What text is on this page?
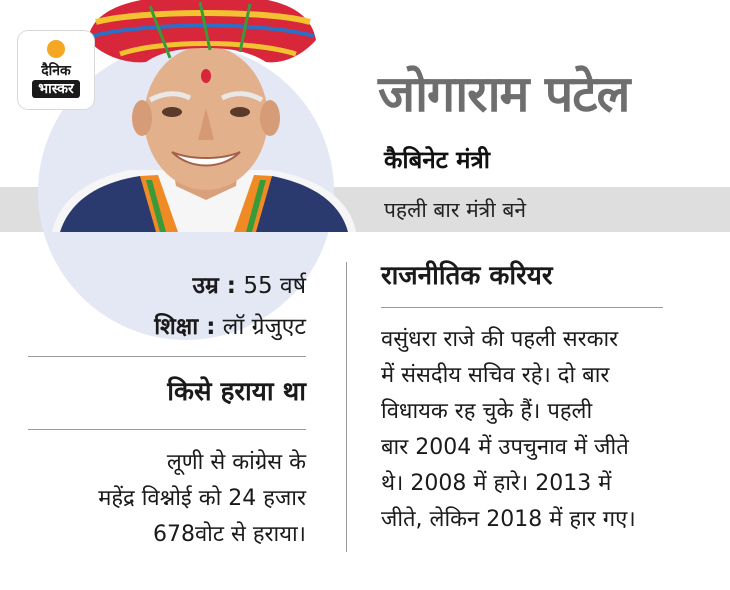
दैनिक
भास्कर	जोगाराम पटेल
कैबिनेट मंत्री
पहली बार मंत्री बने
उम्र : 55 वर्ष
शिक्षा : लॉ ग्रेजुएट
किसे हराया था
लूणी से कांग्रेस के
महेंद्र विश्नोई को 24 हजार
678वोट से हराया।
राजनीतिक करियर
वसुंधरा राजे की पहली सरकार
में संसदीय सचिव रहे। दो बार
विधायक रह चुके हैं। पहली
बार 2004 में उपचुनाव में जीते
थे। 2008 में हारे। 2013 में
जीते, लेकिन 2018 में हार गए।
